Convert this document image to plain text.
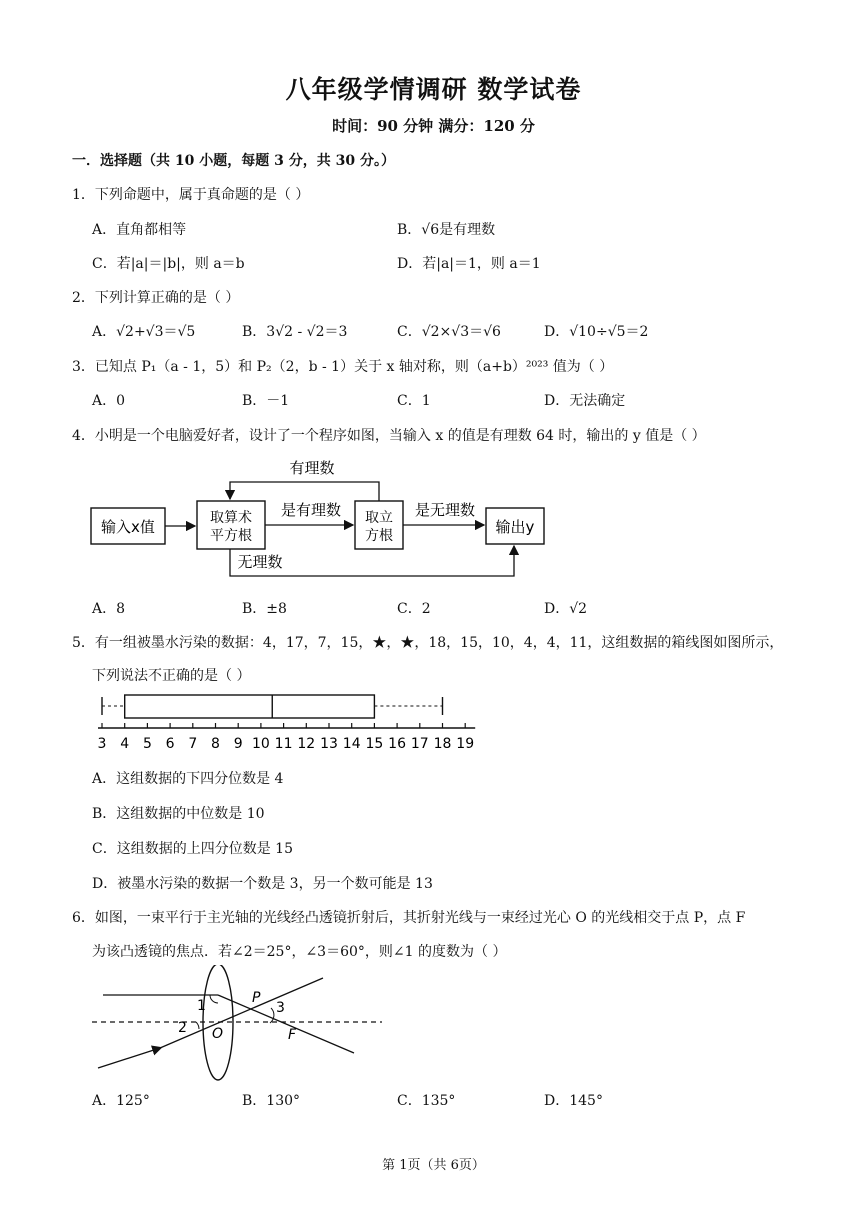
八年级学情调研 数学试卷
时间：90 分钟 满分：120 分
一．选择题（共 10 小题，每题 3 分，共 30 分。）
1．下列命题中，属于真命题的是（ ）
A．直角都相等	B．√6是有理数
C．若|a|＝|b|，则 a＝b	D．若|a|＝1，则 a＝1
2．下列计算正确的是（ ）
A．√2+√3＝√5	B．3√2 - √2＝3	C．√2×√3＝√6	D．√10÷√5＝2
3．已知点 P₁（a - 1，5）和 P₂（2，b - 1）关于 x 轴对称，则（a+b）²⁰²³ 值为（ ）
A．0	B．－1	C．1	D．无法确定
4．小明是一个电脑爱好者，设计了一个程序如图，当输入 x 的值是有理数 64 时，输出的 y 值是（ ）
输入x值	取算术
平方根
取立
方根	输出y
有理数
是有理数	是无理数
无理数
A．8	B．±8	C．2	D．√2
5．有一组被墨水污染的数据：4，17，7，15，★，★，18，15，10，4，4，11，这组数据的箱线图如图所示，
下列说法不正确的是（ ）
3 4 5 6 7 8 9 10 11 12 13 14 15 16 17 18 19
A．这组数据的下四分位数是 4
B．这组数据的中位数是 10
C．这组数据的上四分位数是 15
D．被墨水污染的数据一个数是 3，另一个数可能是 13
6．如图，一束平行于主光轴的光线经凸透镜折射后，其折射光线与一束经过光心 O 的光线相交于点 P，点 F
为该凸透镜的焦点．若∠2＝25°，∠3＝60°，则∠1 的度数为（ ）
1
2
3
P
O	F
A．125°	B．130°	C．135°	D．145°
第 1页（共 6页）
